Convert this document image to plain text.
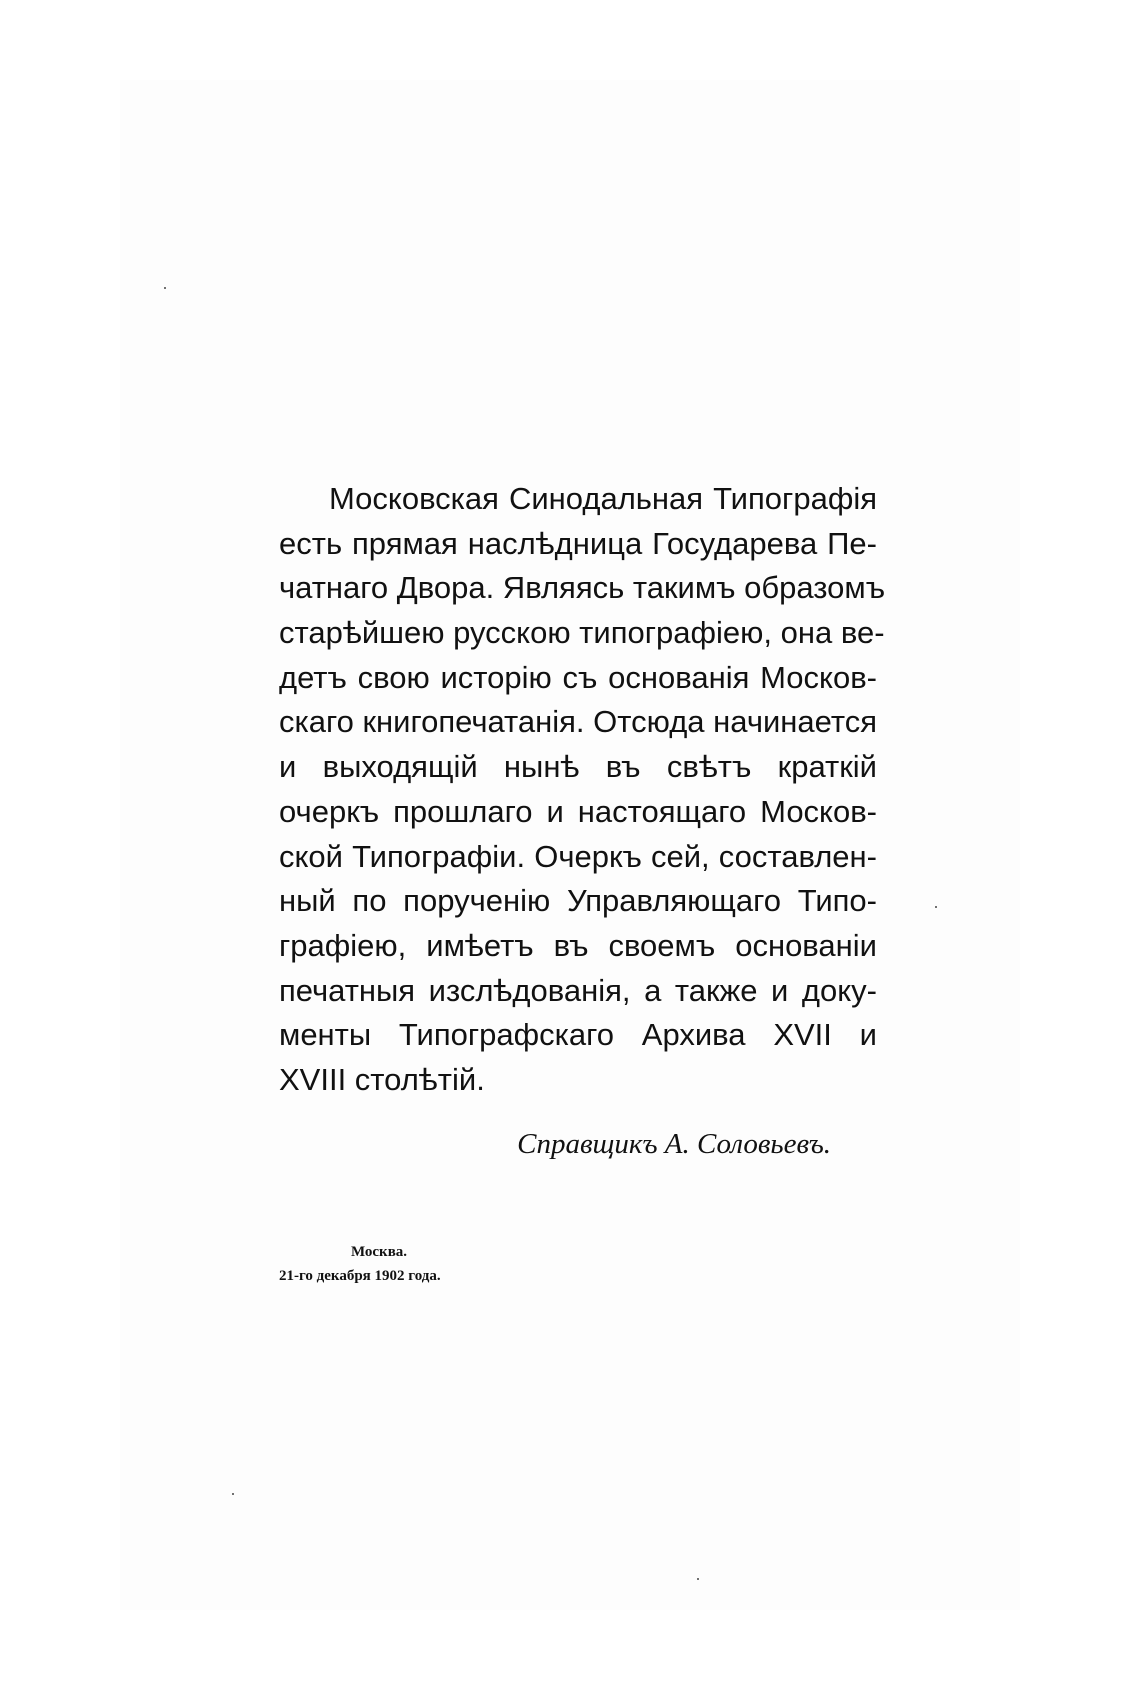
Московская Синодальная Типографія
есть прямая наслѣдница Государева Пе-
чатнаго Двора. Являясь такимъ образомъ
старѣйшею русскою типографіею, она ве-
детъ свою исторію съ основанія Москов-
скаго книгопечатанія. Отсюда начинается
и выходящій нынѣ въ свѣтъ краткій
очеркъ прошлаго и настоящаго Москов-
ской Типографіи. Очеркъ сей, составлен-
ный по порученію Управляющаго Типо-
графіею, имѣетъ въ своемъ основаніи
печатныя изслѣдованія, а также и доку-
менты Типографскаго Архива XVII и
XVIII столѣтій.

Справщикъ А. Соловьевъ.

Москва.
21-го декабря 1902 года.
